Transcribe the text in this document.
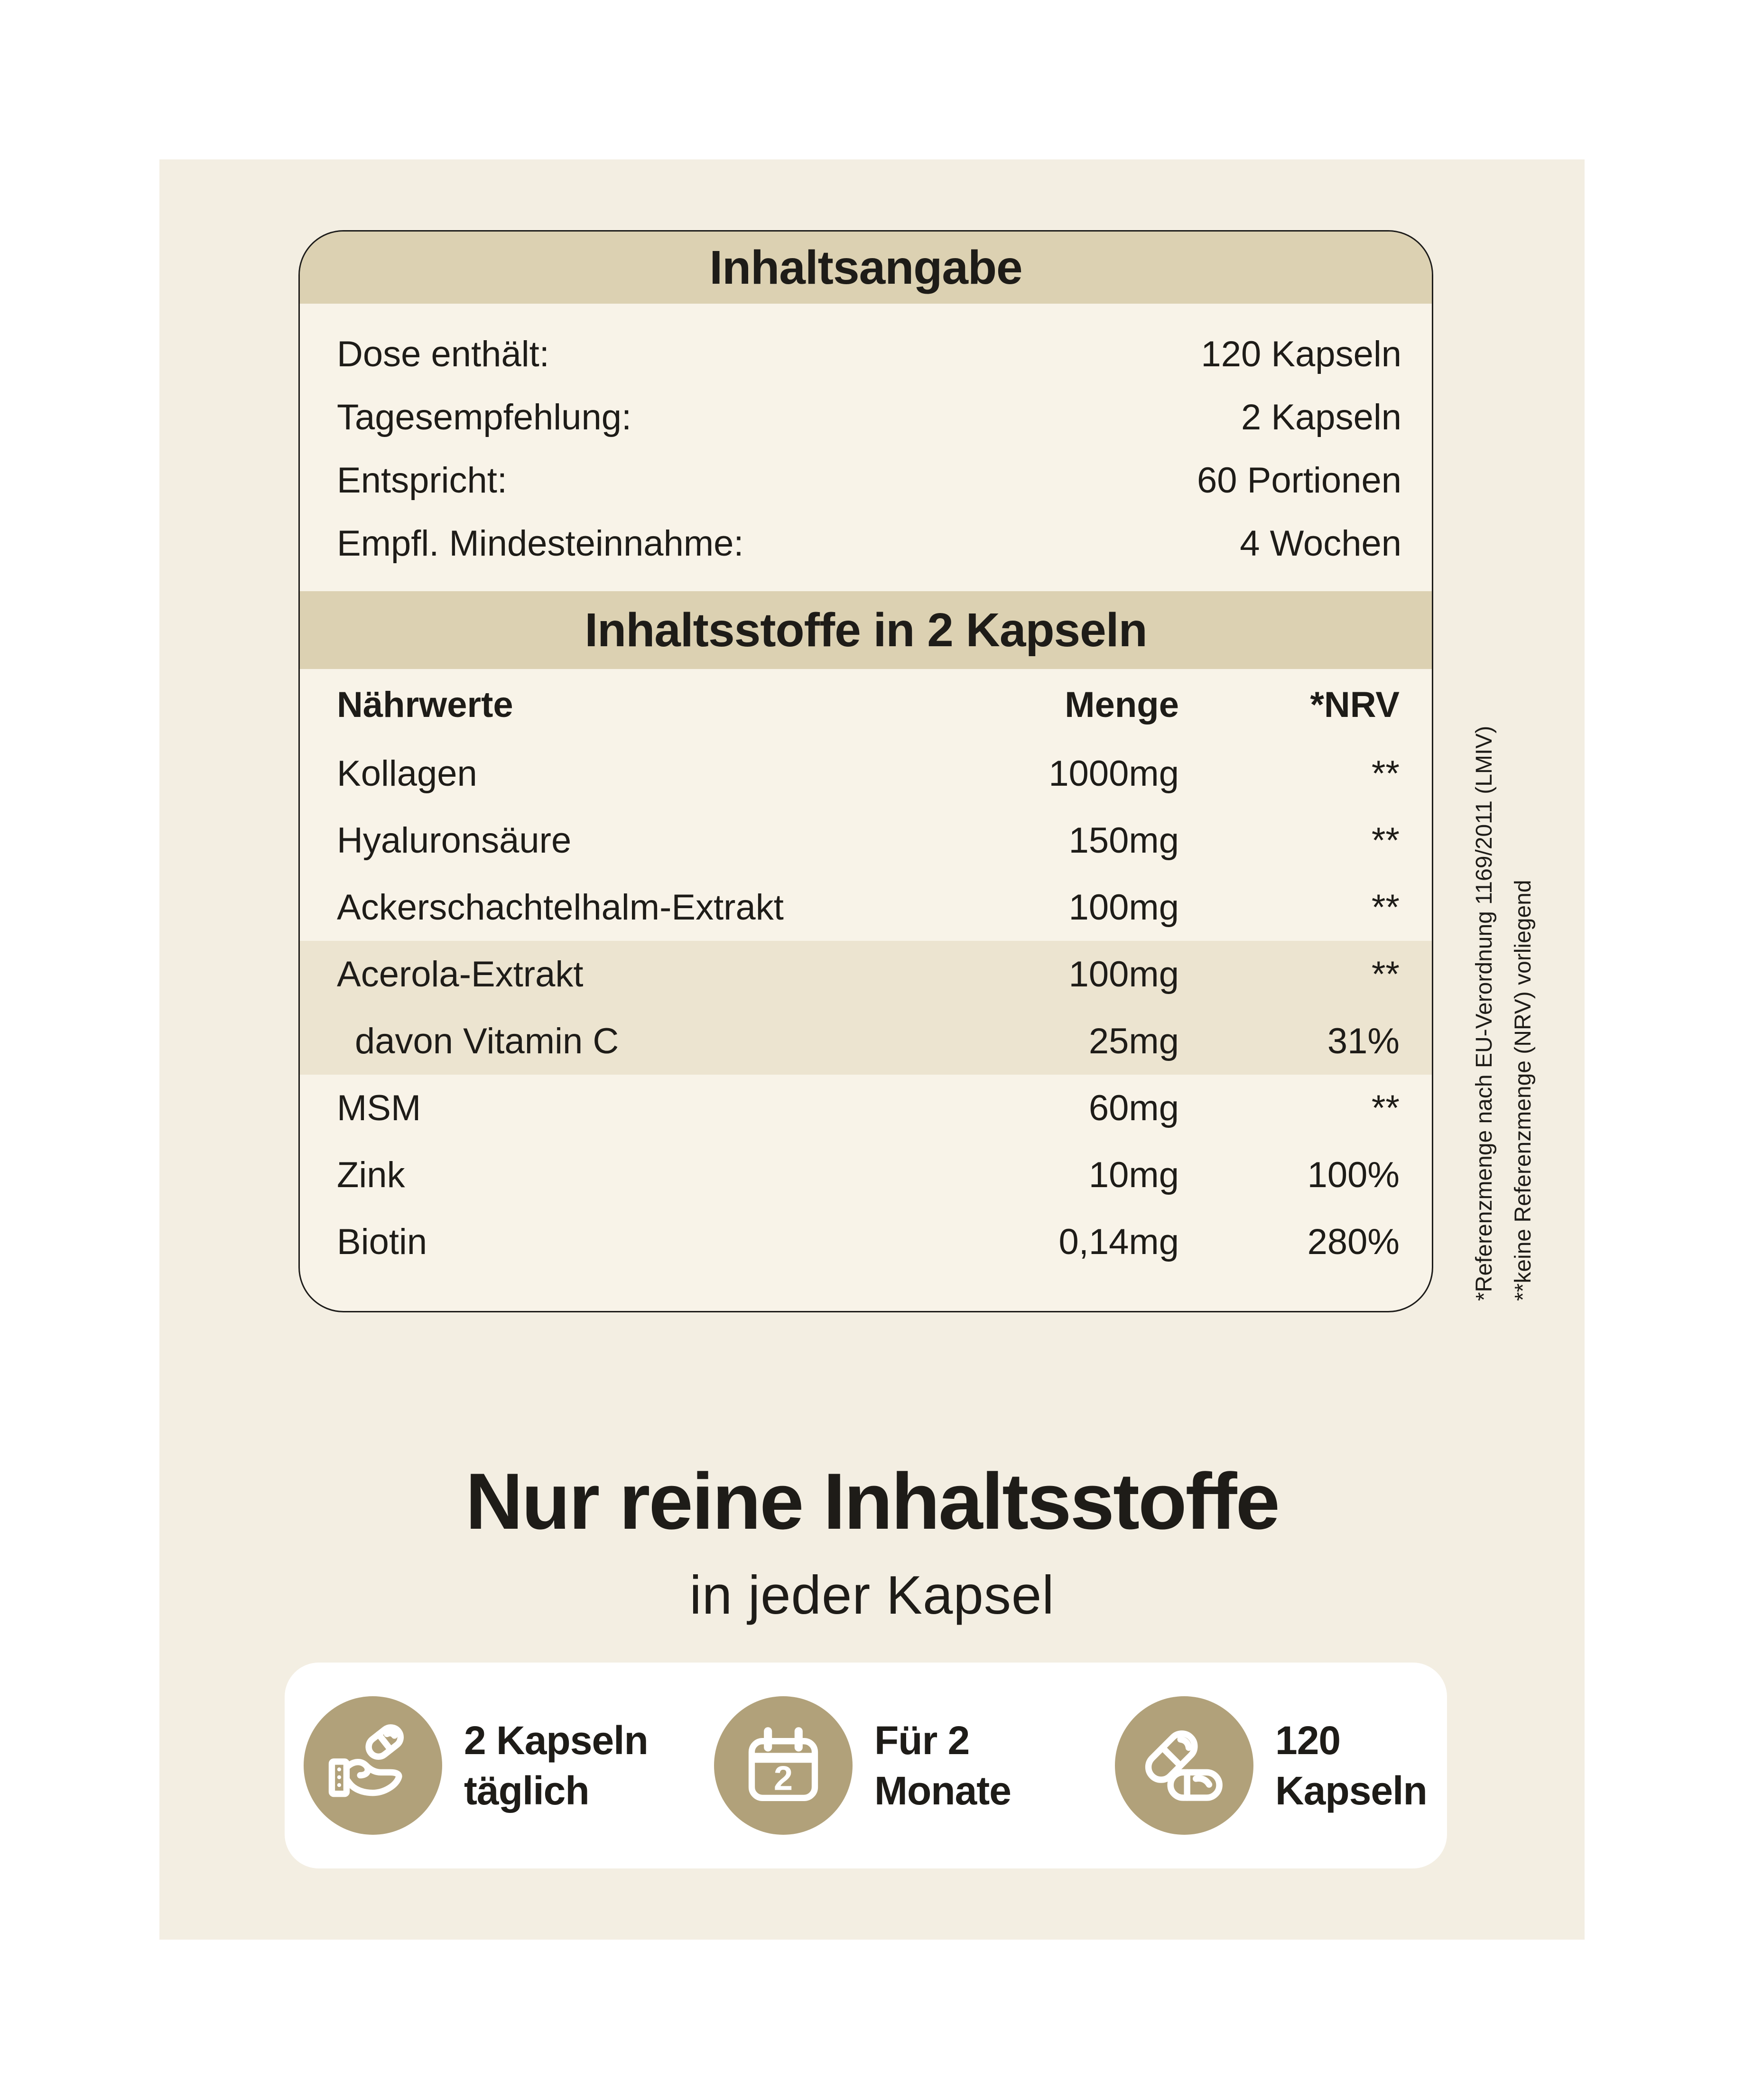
Inhaltsangabe
Dose enthält:	120 Kapseln
Tagesempfehlung:	2 Kapseln
Entspricht:	60 Portionen
Empfl. Mindesteinnahme:	4 Wochen
Inhaltsstoffe in 2 Kapseln
Nährwerte	Menge	*NRV
Kollagen	1000mg	**
Hyaluronsäure	150mg	**
Ackerschachtelhalm-Extrakt	100mg	**
Acerola-Extrakt	100mg	**
davon Vitamin C	25mg	31%
MSM	60mg	**
Zink	10mg	100%
Biotin	0,14mg	280%	*Referenzmenge nach EU-Verordnung 1169/2011 (LMIV) **keine Referenzmenge (NRV) vorliegend
Nur reine Inhaltsstoffe
in jeder Kapsel
2 Kapseln
täglich	2
Für 2
Monate
120
Kapseln
